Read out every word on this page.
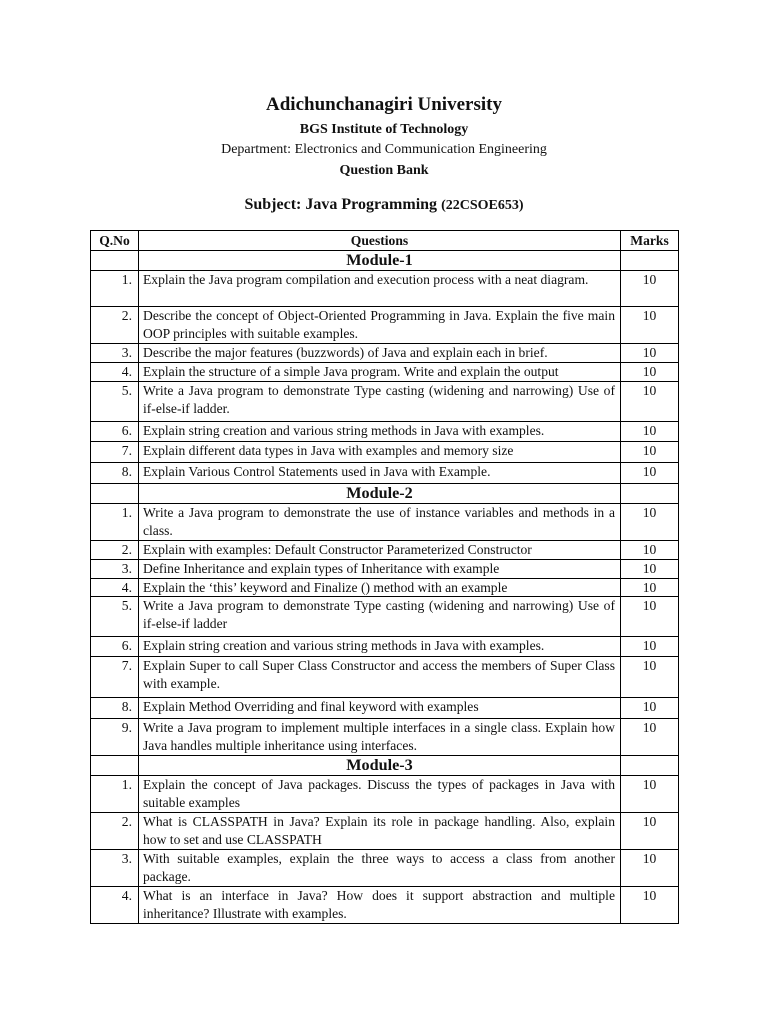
Adichunchanagiri University
BGS Institute of Technology
Department: Electronics and Communication Engineering
Question Bank
Subject: Java Programming (22CSOE653)
Q.No	Questions	Marks
	Module-1	
1.	Explain the Java program compilation and execution process with a neat diagram.	10
2.	Describe the concept of Object-Oriented Programming in Java. Explain the five main OOP principles with suitable examples.	10
3.	Describe the major features (buzzwords) of Java and explain each in brief.	10
4.	Explain the structure of a simple Java program. Write and explain the output	10
5.	Write a Java program to demonstrate Type casting (widening and narrowing) Use of if-else-if ladder.	10
6.	Explain string creation and various string methods in Java with examples.	10
7.	Explain different data types in Java with examples and memory size	10
8.	Explain Various Control Statements used in Java with Example.	10
	Module-2	
1.	Write a Java program to demonstrate the use of instance variables and methods in a class.	10
2.	Explain with examples: Default Constructor Parameterized Constructor	10
3.	Define Inheritance and explain types of Inheritance with example	10
4.	Explain the ‘this’ keyword and Finalize () method with an example	10
5.	Write a Java program to demonstrate Type casting (widening and narrowing) Use of if-else-if ladder	10
6.	Explain string creation and various string methods in Java with examples.	10
7.	Explain Super to call Super Class Constructor and access the members of Super Class with example.	10
8.	Explain Method Overriding and final keyword with examples	10
9.	Write a Java program to implement multiple interfaces in a single class. Explain how Java handles multiple inheritance using interfaces.	10
	Module-3	
1.	Explain the concept of Java packages. Discuss the types of packages in Java with suitable examples	10
2.	What is CLASSPATH in Java? Explain its role in package handling. Also, explain how to set and use CLASSPATH	10
3.	With suitable examples, explain the three ways to access a class from another package.	10
4.	What is an interface in Java? How does it support abstraction and multiple inheritance? Illustrate with examples.	10
